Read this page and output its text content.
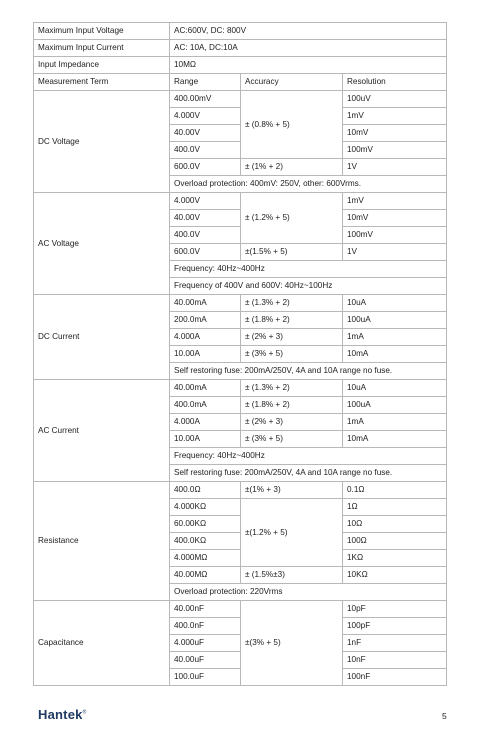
Maximum Input Voltage	AC:600V, DC: 800V		
Maximum Input Current	AC: 10A, DC:10A		
Input Impedance	10MΩ		
Measurement Term	Range	Accuracy	Resolution
DC Voltage	400.00mV	± (0.8% + 5)	100uV
	4.000V		1mV
	40.00V		10mV
	400.0V		100mV
	600.0V	± (1% + 2)	1V
	Overload protection: 400mV: 250V, other: 600Vrms.		
AC Voltage	4.000V	± (1.2% + 5)	1mV
	40.00V		10mV
	400.0V		100mV
	600.0V	±(1.5% + 5)	1V
	Frequency: 40Hz~400Hz		
	Frequency of 400V and 600V: 40Hz~100Hz		
DC Current	40.00mA	± (1.3% + 2)	10uA
	200.0mA	± (1.8% + 2)	100uA
	4.000A	± (2% + 3)	1mA
	10.00A	± (3% + 5)	10mA
	Self restoring fuse: 200mA/250V, 4A and 10A range no fuse.		
AC Current	40.00mA	± (1.3% + 2)	10uA
	400.0mA	± (1.8% + 2)	100uA
	4.000A	± (2% + 3)	1mA
	10.00A	± (3% + 5)	10mA
	Frequency: 40Hz~400Hz		
	Self restoring fuse: 200mA/250V, 4A and 10A range no fuse.		
Resistance	400.0Ω	±(1% + 3)	0.1Ω
	4.000KΩ	±(1.2% + 5)	1Ω
	60.00KΩ		10Ω
	400.0KΩ		100Ω
	4.000MΩ		1KΩ
	40.00MΩ	± (1.5%±3)	10KΩ
	Overload protection: 220Vrms		
Capacitance	40.00nF	±(3% + 5)	10pF
	400.0nF		100pF
	4.000uF		1nF
	40.00uF		10nF
	100.0uF		100nF
Hantek®	5
